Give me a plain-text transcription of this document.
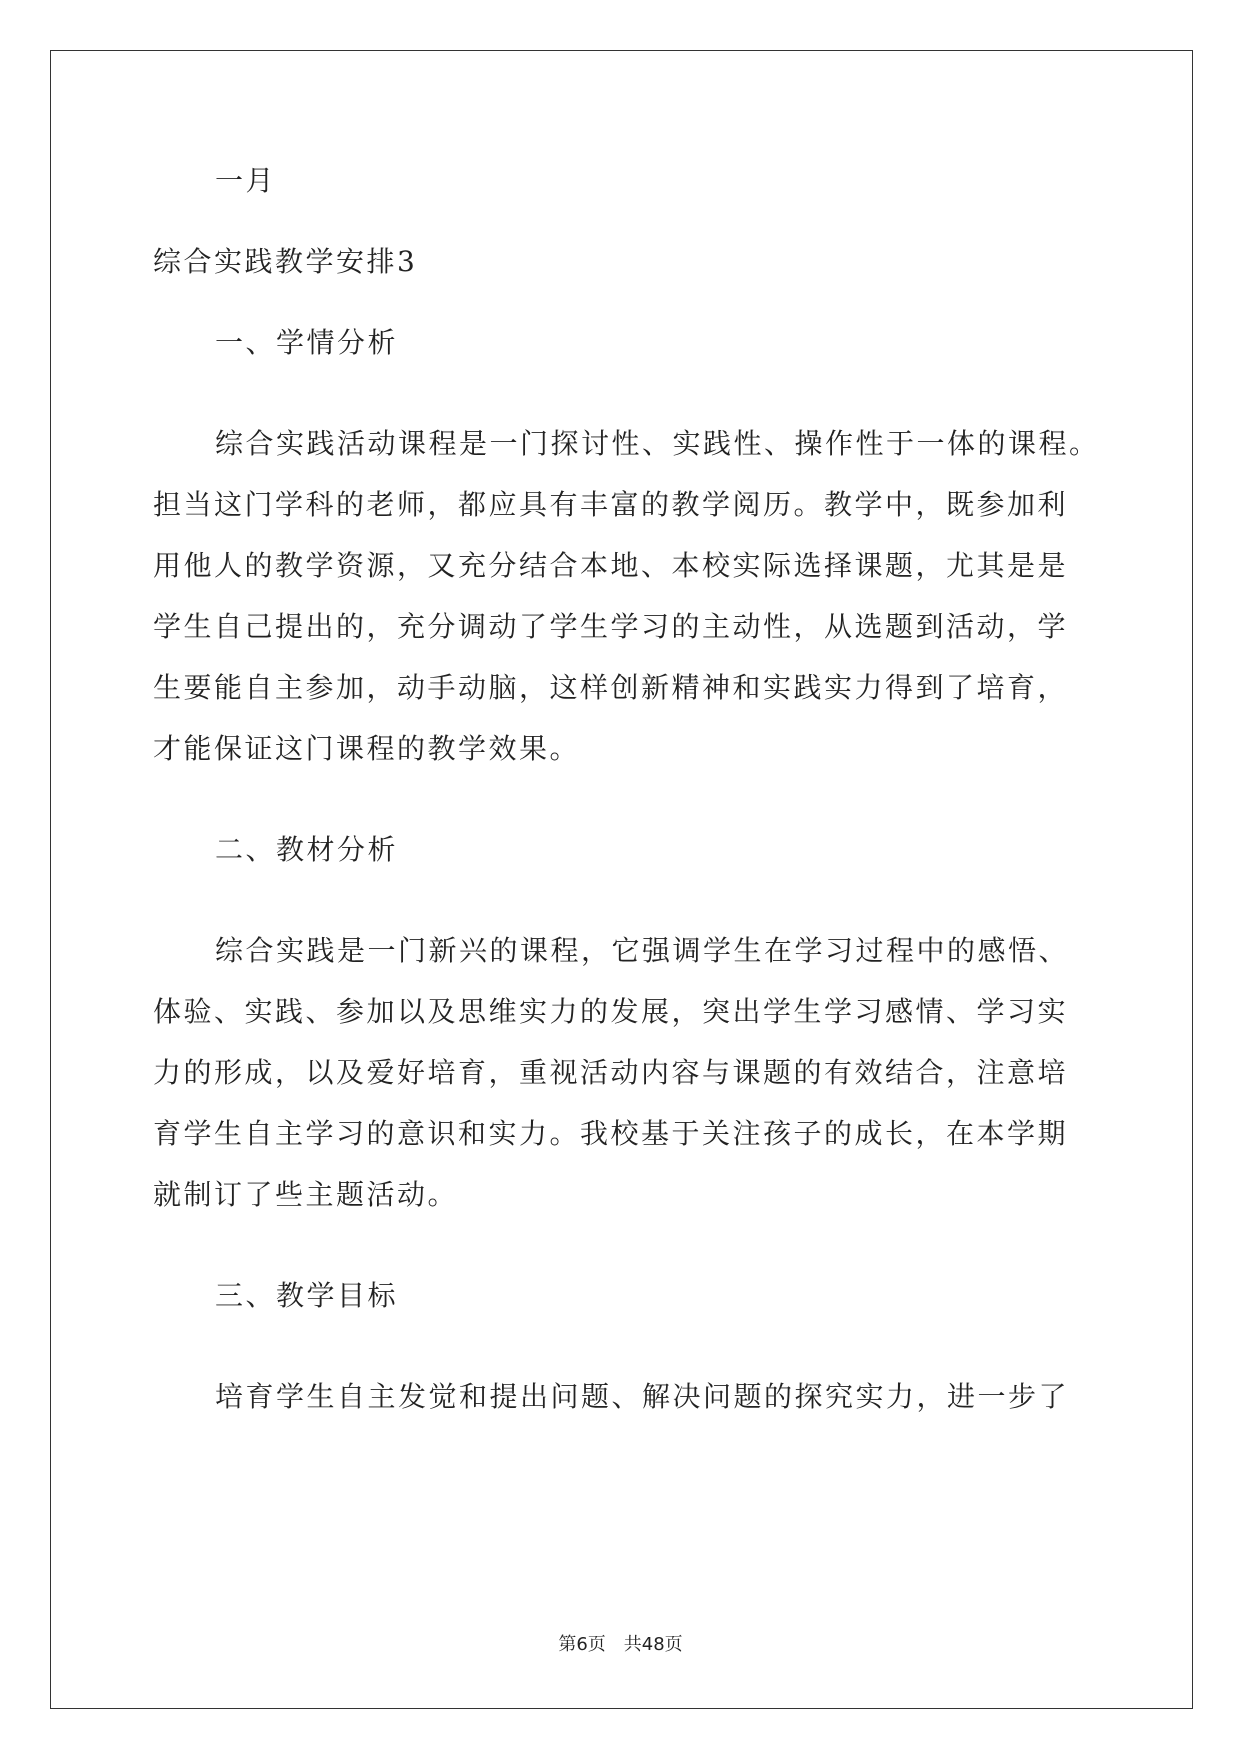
一月

综合实践教学安排3

一、学情分析

综合实践活动课程是一门探讨性、实践性、操作性于一体的课程。

担当这门学科的老师，都应具有丰富的教学阅历。教学中，既参加利

用他人的教学资源，又充分结合本地、本校实际选择课题，尤其是是

学生自己提出的，充分调动了学生学习的主动性，从选题到活动，学

生要能自主参加，动手动脑，这样创新精神和实践实力得到了培育，

才能保证这门课程的教学效果。

二、教材分析

综合实践是一门新兴的课程，它强调学生在学习过程中的感悟、

体验、实践、参加以及思维实力的发展，突出学生学习感情、学习实

力的形成，以及爱好培育，重视活动内容与课题的有效结合，注意培

育学生自主学习的意识和实力。我校基于关注孩子的成长，在本学期

就制订了些主题活动。

三、教学目标

培育学生自主发觉和提出问题、解决问题的探究实力，进一步了

第6页　共48页
